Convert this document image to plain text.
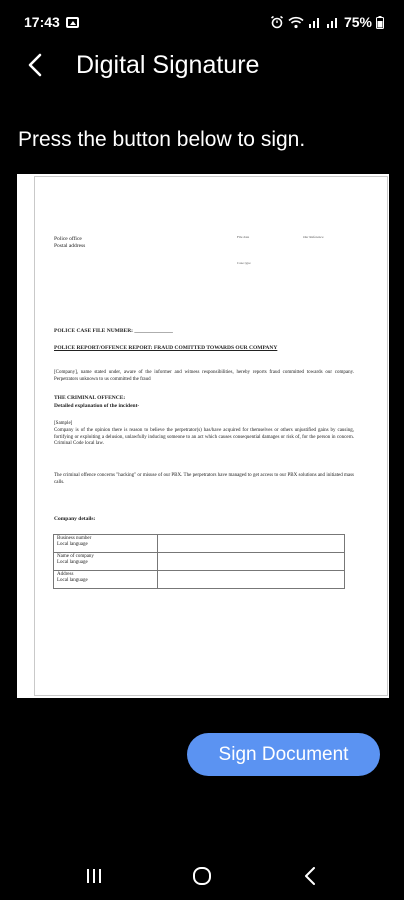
17:43	75%
Digital Signature
Press the button below to sign.
Police office
Postal address
File date	Our Reference
Case type
POLICE CASE FILE NUMBER: ______________
POLICE REPORT/OFFENCE REPORT: FRAUD COMITTED TOWARDS OUR COMPANY
[Company], name stated under, aware of the informer and witness responsibilities, hereby reports fraud committed towards our company. Perpetrators unknown to us committed the fraud
THE CRIMINAL OFFENCE:
Detailed explanation of the incident-
[Sample]
Company is of the opinion there is reason to believe the perpetrator(s) has/have acquired for themselves or others unjustified gains by causing, fortifying or exploiting a delusion, unlawfully inducing someone to an act which causes consequential damages or risk of, for the person in concern. Criminal Code local law.
The criminal offence concerns "hacking" or misuse of our PBX. The perpetrators have managed to get access to our PBX solutions and initiated mass calls.
Company details:
Business number
Local language	

Name of company
Local language	

Address
Local language	

Sign Document
